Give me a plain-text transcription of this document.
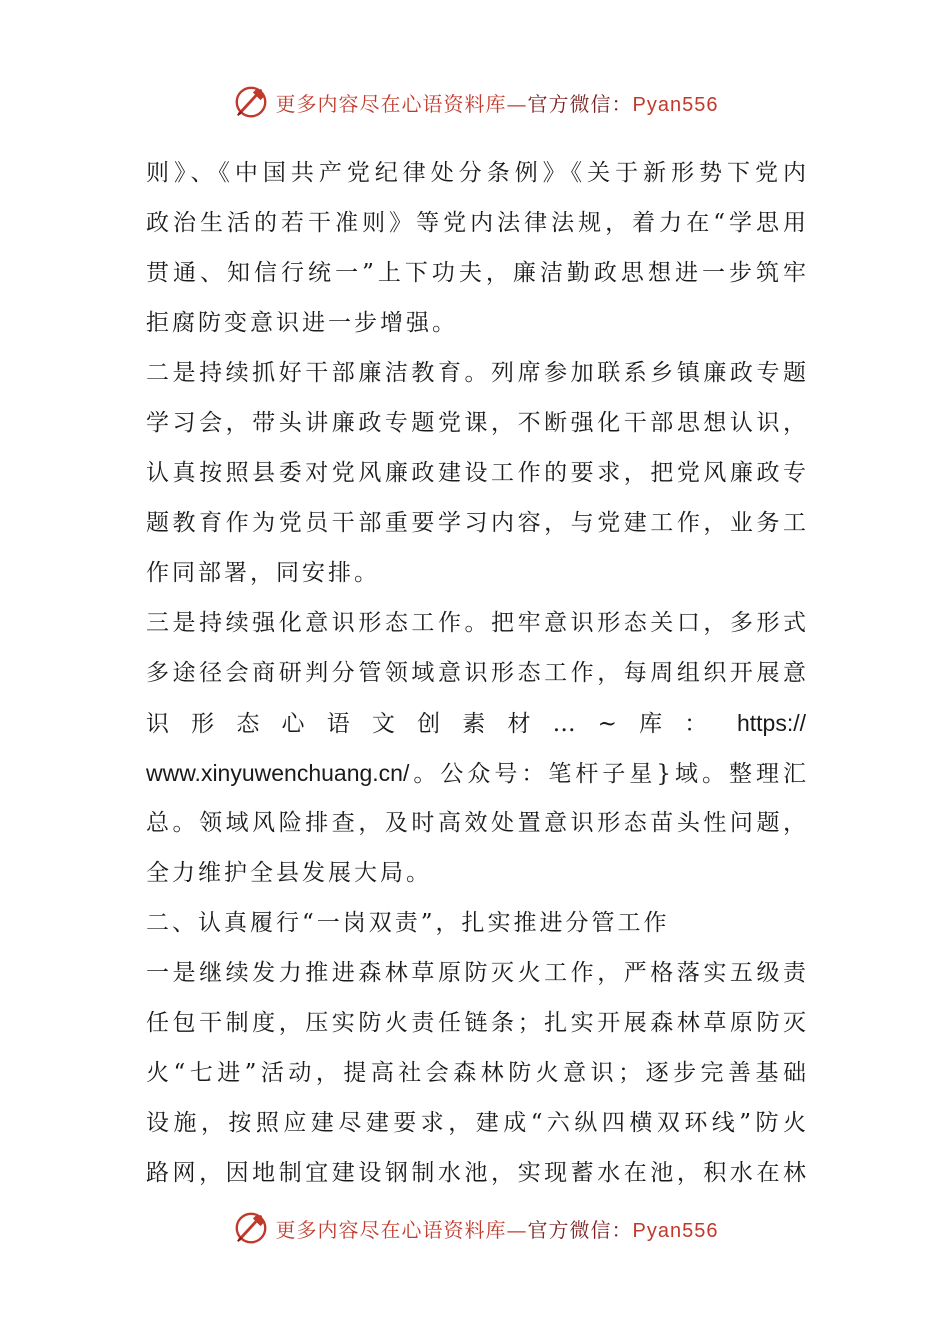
更多内容尽在心语资料库—官方微信：Pyan556
则》、《中国共产党纪律处分条例》《关于新形势下党内
政治生活的若干准则》等党内法律法规，着力在“学思用
贯通、知信行统一”上下功夫，廉洁勤政思想进一步筑牢
拒腐防变意识进一步增强。
二是持续抓好干部廉洁教育。列席参加联系乡镇廉政专题
学习会，带头讲廉政专题党课，不断强化干部思想认识，
认真按照县委对党风廉政建设工作的要求，把党风廉政专
题教育作为党员干部重要学习内容，与党建工作，业务工
作同部署，同安排。
三是持续强化意识形态工作。把牢意识形态关口，多形式
多途径会商研判分管领域意识形态工作，每周组织开展意
识形态心语文创素材…~库： https://
www.xinyuwenchuang.cn/。公众号：笔杆子星}域。整理汇
总。领域风险排查，及时高效处置意识形态苗头性问题，
全力维护全县发展大局。
二、认真履行“一岗双责”，扎实推进分管工作
一是继续发力推进森林草原防灭火工作，严格落实五级责
任包干制度，压实防火责任链条；扎实开展森林草原防灭
火“七进”活动，提高社会森林防火意识；逐步完善基础
设施，按照应建尽建要求，建成“六纵四横双环线”防火
路网，因地制宜建设钢制水池，实现蓄水在池，积水在林
更多内容尽在心语资料库—官方微信：Pyan556
